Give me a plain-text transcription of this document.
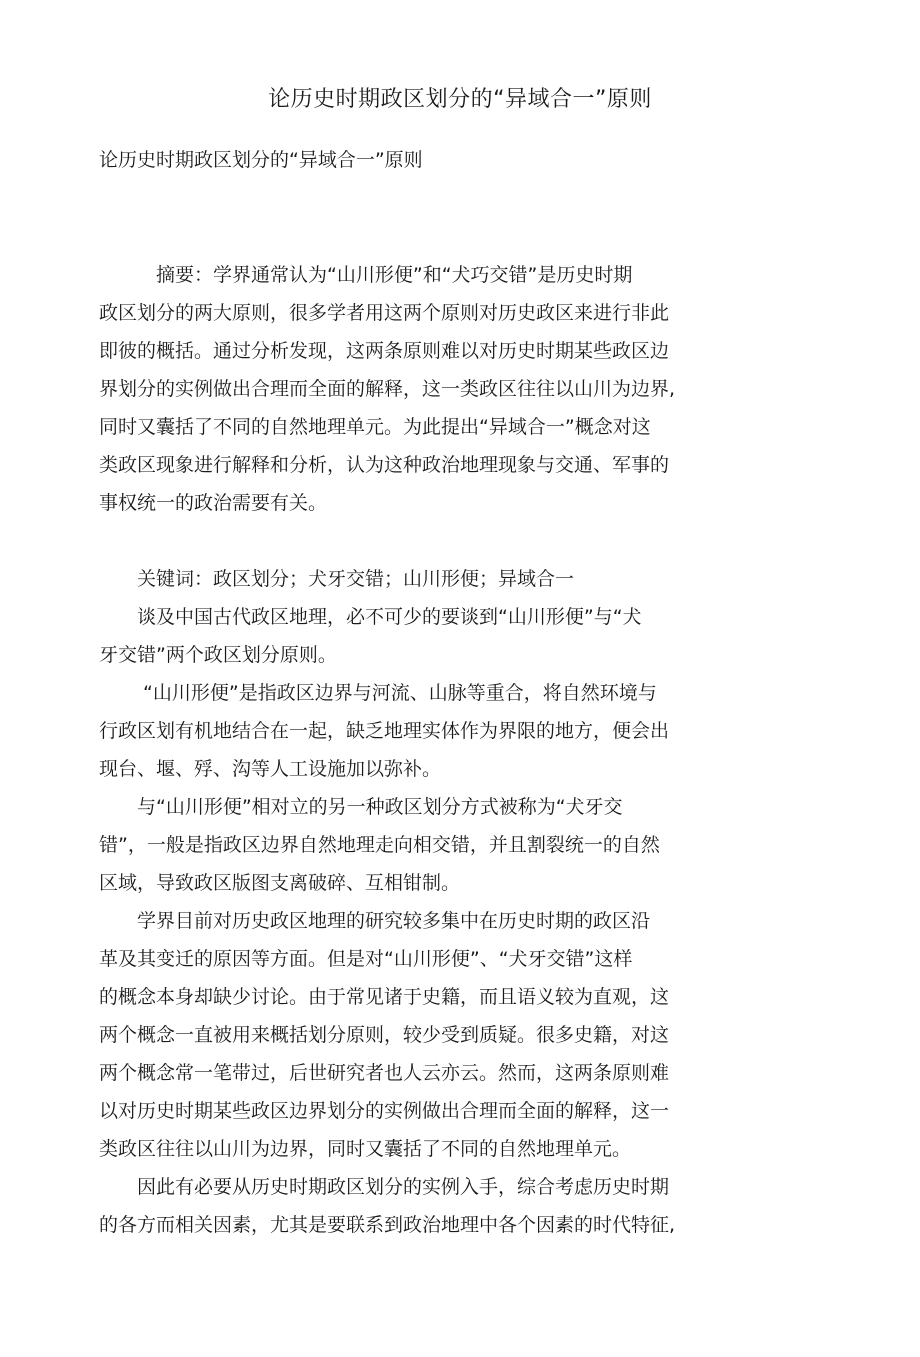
论历史时期政区划分的“异域合一”原则
论历史时期政区划分的“异域合一”原则
　　　摘要：学界通常认为“山川形便”和“犬巧交错”是历史时期
政区划分的两大原则，很多学者用这两个原则对历史政区来进行非此
即彼的概括。通过分析发现，这两条原则难以对历史时期某些政区边
界划分的实例做出合理而全面的解释，这一类政区往往以山川为边界,
同时又囊括了不同的自然地理单元。为此提出“异域合一”概念对这
类政区现象进行解释和分析，认为这种政治地理现象与交通、军事的
事权统一的政治需要有关。
　　关键词：政区划分；犬牙交错；山川形便；异域合一
　　谈及中国古代政区地理，必不可少的要谈到“山川形便”与“犬
牙交错”两个政区划分原则。
　　 “山川形便”是指政区边界与河流、山脉等重合，将自然环境与
行政区划有机地结合在一起，缺乏地理实体作为界限的地方，便会出
现台、堰、殍、沟等人工设施加以弥补。
　　与“山川形便”相对立的另一种政区划分方式被称为“犬牙交
错”，一般是指政区边界自然地理走向相交错，并且割裂统一的自然
区域，导致政区版图支离破碎、互相钳制。
　　学界目前对历史政区地理的研究较多集中在历史时期的政区沿
革及其变迁的原因等方面。但是对“山川形便”、“犬牙交错”这样
的概念本身却缺少讨论。由于常见诸于史籍，而且语义较为直观，这
两个概念一直被用来概括划分原则，较少受到质疑。很多史籍，对这
两个概念常一笔带过，后世研究者也人云亦云。然而，这两条原则难
以对历史时期某些政区边界划分的实例做出合理而全面的解释，这一
类政区往往以山川为边界，同时又囊括了不同的自然地理单元。
　　因此有必要从历史时期政区划分的实例入手，综合考虑历史时期
的各方而相关因素，尤其是要联系到政治地理中各个因素的时代特征,
